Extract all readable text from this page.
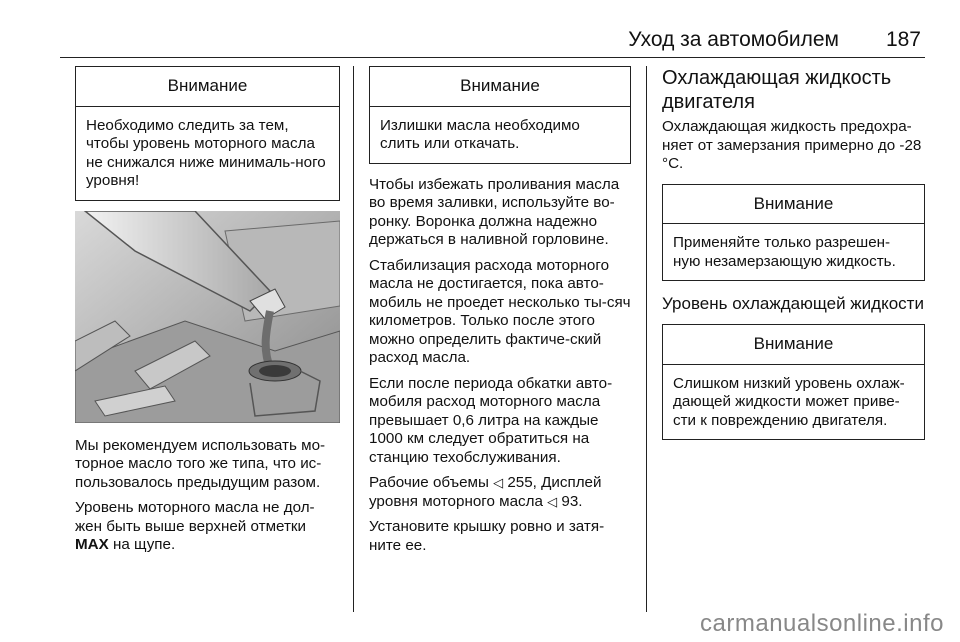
Уход за автомобилем 187
Внимание
Необходимо следить за тем, чтобы уровень моторного масла не снижался ниже минималь-ного уровня!

Мы рекомендуем использовать мо-торное масло того же типа, что ис-пользовалось предыдущим разом.

Уровень моторного масла не дол-жен быть выше верхней отметки MAX на щупе.

Внимание
Излишки масла необходимо слить или откачать.

Чтобы избежать проливания масла во время заливки, используйте во-ронку. Воронка должна надежно держаться в наливной горловине.

Стабилизация расхода моторного масла не достигается, пока авто-мобиль не проедет несколько ты-сяч километров. Только после этого можно определить фактиче-ский расход масла.

Если после периода обкатки авто-мобиля расход моторного масла превышает 0,6 литра на каждые 1000 км следует обратиться на станцию техобслуживания.

Рабочие объемы ◁ 255, Дисплей уровня моторного масла ◁ 93.

Установите крышку ровно и затя-ните ее.

Охлаждающая жидкость двигателя

Охлаждающая жидкость предохра-няет от замерзания примерно до -28 °C.

Внимание
Применяйте только разрешен-ную незамерзающую жидкость.
Уровень охлаждающей жидкости
Внимание
Слишком низкий уровень охлаж-дающей жидкости может приве-сти к повреждению двигателя.
carmanualsonline.info
